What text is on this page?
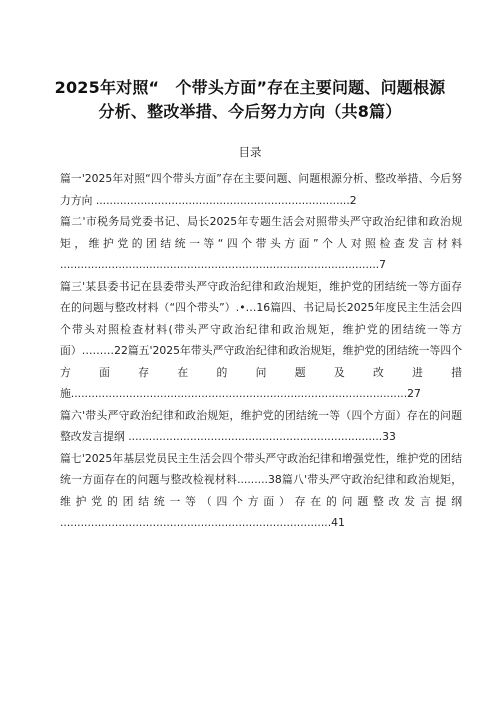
2025年对照“　个带头方面”存在主要问题、问题根源分析、整改举措、今后努力方向（共8篇）
目录
篇一'2025年对照“四个带头方面”存在主要问题、问题根源分析、整改举措、今后努力方向 ..........................................................................2
篇二'市税务局党委书记、局长2025年专题生活会对照带头严守政治纪律和政治规矩，维护党的团结统一等“四个带头方面”个人对照检查发言材料 .............................................................................................7
篇三'某县委书记在县委带头严守政治纪律和政治规矩，维护党的团结统一等方面存在的问题与整改材料（“四个带头”）.•…16篇四、书记局长2025年度民主生活会四个带头对照检查材料(带头严守政治纪律和政治规矩，维护党的团结统一等方面）………22篇五'2025年带头严守政治纪律和政治规矩，维护党的团结统一等四个方面存在的问题及改进措施..................................................................................................27
篇六'带头严守政治纪律和政治规矩，维护党的团结统一等（四个方面）存在的问题整改发言提纲 ..........................................................................33
篇七'2025年基层党员民主生活会四个带头严守政治纪律和增强党性，维护党的团结统一方面存在的问题与整改检视材料.........38篇八'带头严守政治纪律和政治规矩，维护党的团结统一等（四个方面）存在的问题整改发言提纲 ...............................................................................41
